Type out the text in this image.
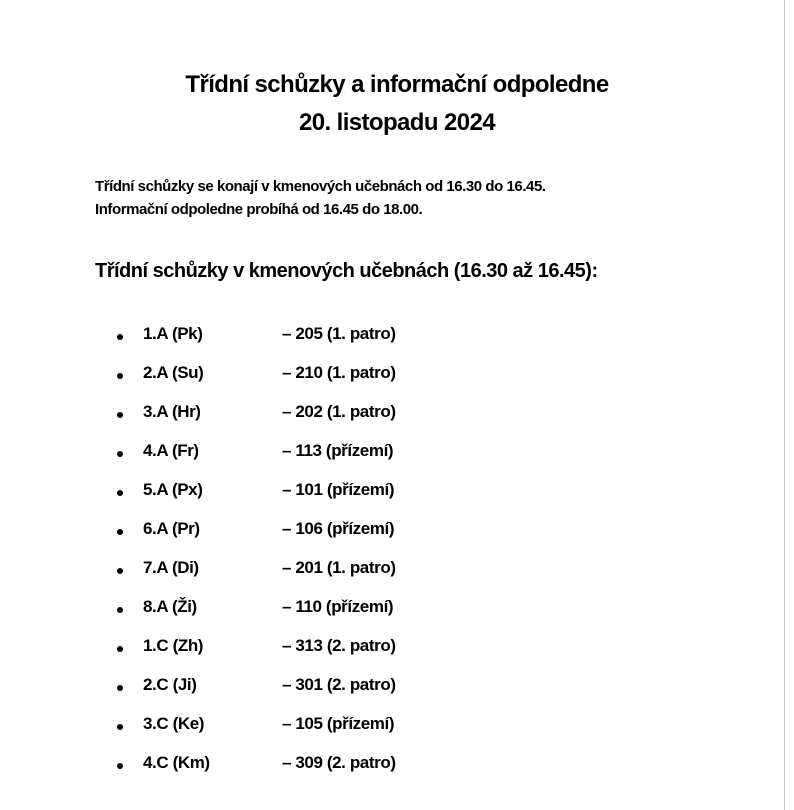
Třídní schůzky a informační odpoledne
20. listopadu 2024
Třídní schůzky se konají v kmenových učebnách od 16.30 do 16.45.
Informační odpoledne probíhá od 16.45 do 18.00.
Třídní schůzky v kmenových učebnách (16.30 až 16.45):
1.A (Pk)	– 205 (1. patro)
2.A (Su)	– 210 (1. patro)
3.A (Hr)	– 202 (1. patro)
4.A (Fr)	– 113 (přízemí)
5.A (Px)	– 101 (přízemí)
6.A (Pr)	– 106 (přízemí)
7.A (Di)	– 201 (1. patro)
8.A (Ži)	– 110 (přízemí)
1.C (Zh)	– 313 (2. patro)
2.C (Ji)	– 301 (2. patro)
3.C (Ke)	– 105 (přízemí)
4.C (Km)	– 309 (2. patro)
